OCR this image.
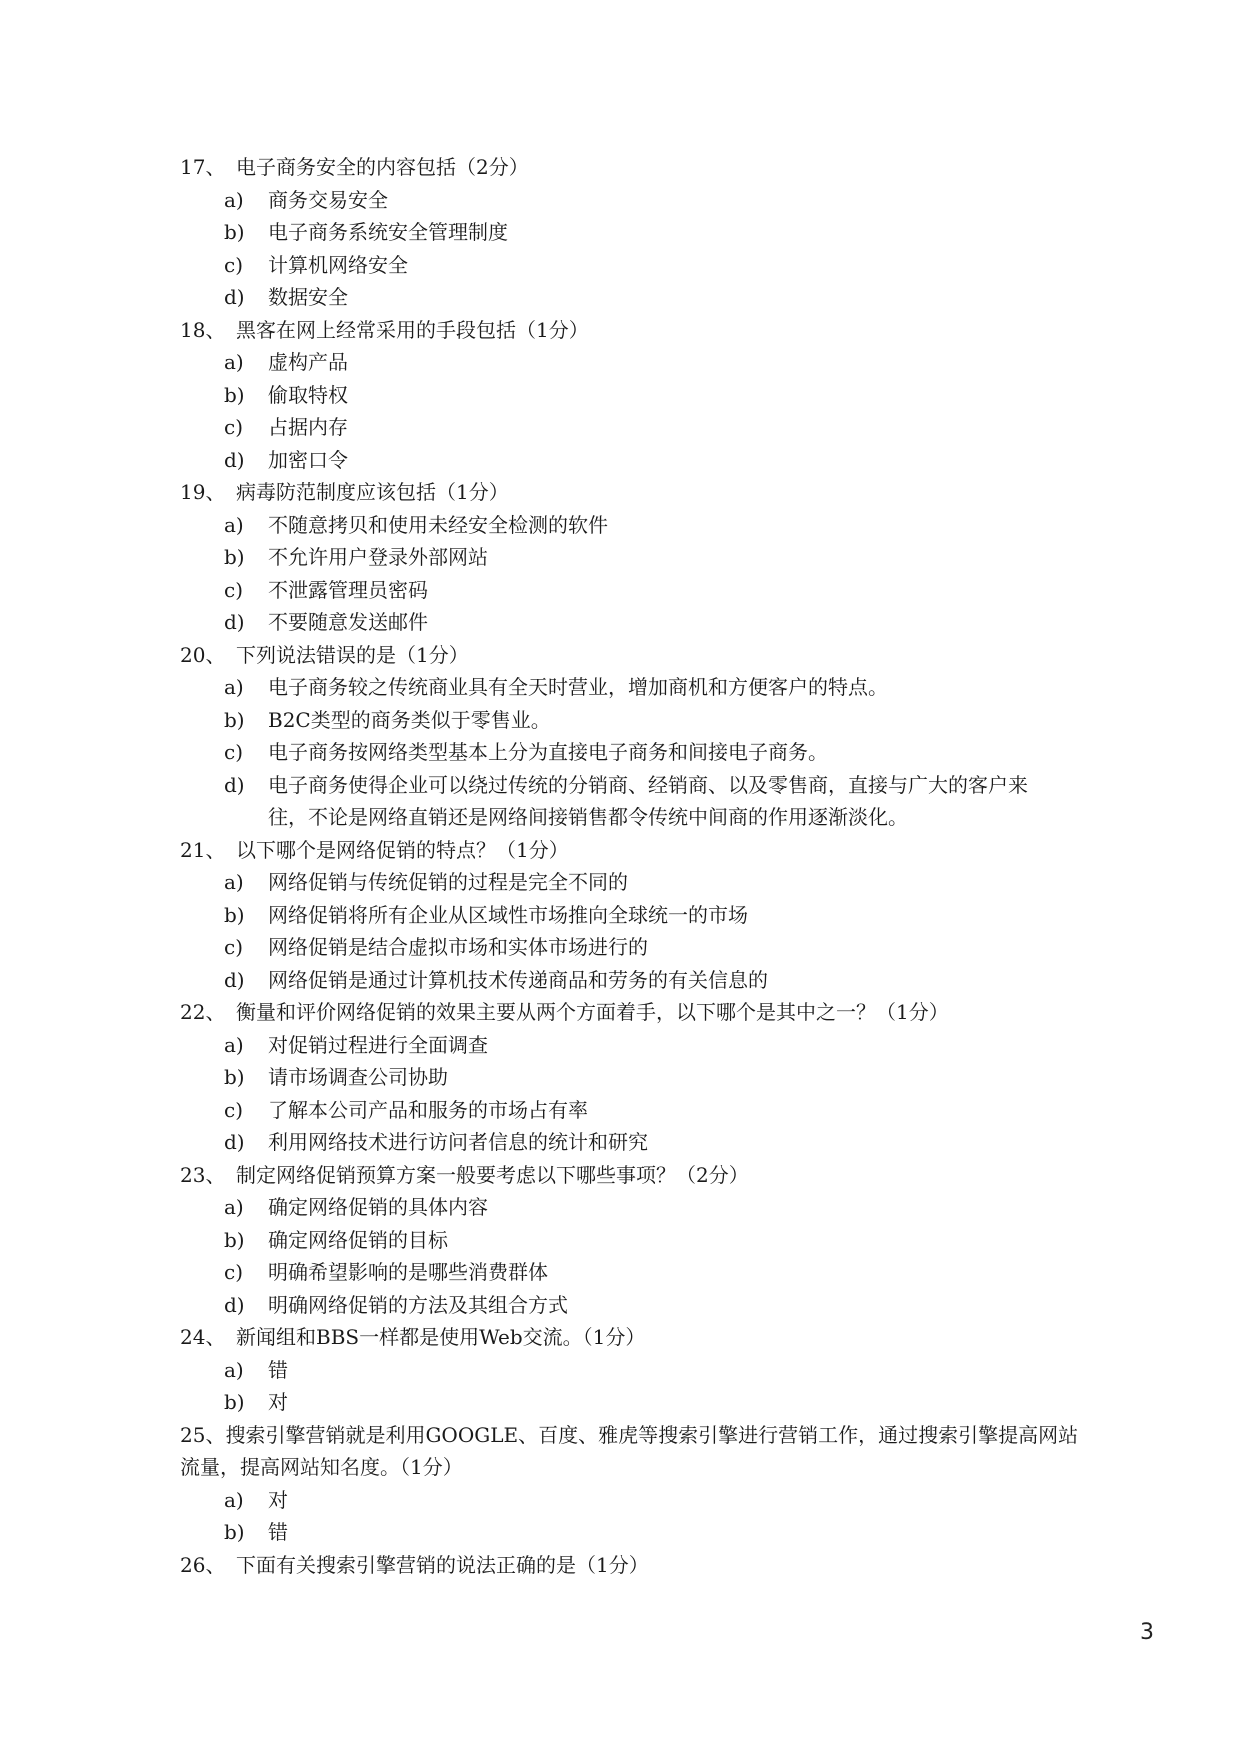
17、 电子商务安全的内容包括（2分）
a)	商务交易安全
b)	电子商务系统安全管理制度
c)	计算机网络安全
d)	数据安全
18、 黑客在网上经常采用的手段包括（1分）
a)	虚构产品
b)	偷取特权
c)	占据内存
d)	加密口令
19、 病毒防范制度应该包括（1分）
a)	不随意拷贝和使用未经安全检测的软件
b)	不允许用户登录外部网站
c)	不泄露管理员密码
d)	不要随意发送邮件
20、 下列说法错误的是（1分）
a)	电子商务较之传统商业具有全天时营业，增加商机和方便客户的特点。
b)	B2C类型的商务类似于零售业。
c)	电子商务按网络类型基本上分为直接电子商务和间接电子商务。
d)	电子商务使得企业可以绕过传统的分销商、经销商、以及零售商，直接与广大的客户来往，不论是网络直销还是网络间接销售都令传统中间商的作用逐渐淡化。
21、 以下哪个是网络促销的特点？（1分）
a)	网络促销与传统促销的过程是完全不同的
b)	网络促销将所有企业从区域性市场推向全球统一的市场
c)	网络促销是结合虚拟市场和实体市场进行的
d)	网络促销是通过计算机技术传递商品和劳务的有关信息的
22、 衡量和评价网络促销的效果主要从两个方面着手，以下哪个是其中之一？（1分）
a)	对促销过程进行全面调查
b)	请市场调查公司协助
c)	了解本公司产品和服务的市场占有率
d)	利用网络技术进行访问者信息的统计和研究
23、 制定网络促销预算方案一般要考虑以下哪些事项？（2分）
a)	确定网络促销的具体内容
b)	确定网络促销的目标
c)	明确希望影响的是哪些消费群体
d)	明确网络促销的方法及其组合方式
24、 新闻组和BBS一样都是使用Web交流。（1分）
a)	错
b)	对
25、搜索引擎营销就是利用GOOGLE、百度、雅虎等搜索引擎进行营销工作，通过搜索引擎提高网站流量，提高网站知名度。（1分）
a)	对
b)	错
26、 下面有关搜索引擎营销的说法正确的是（1分）
3
